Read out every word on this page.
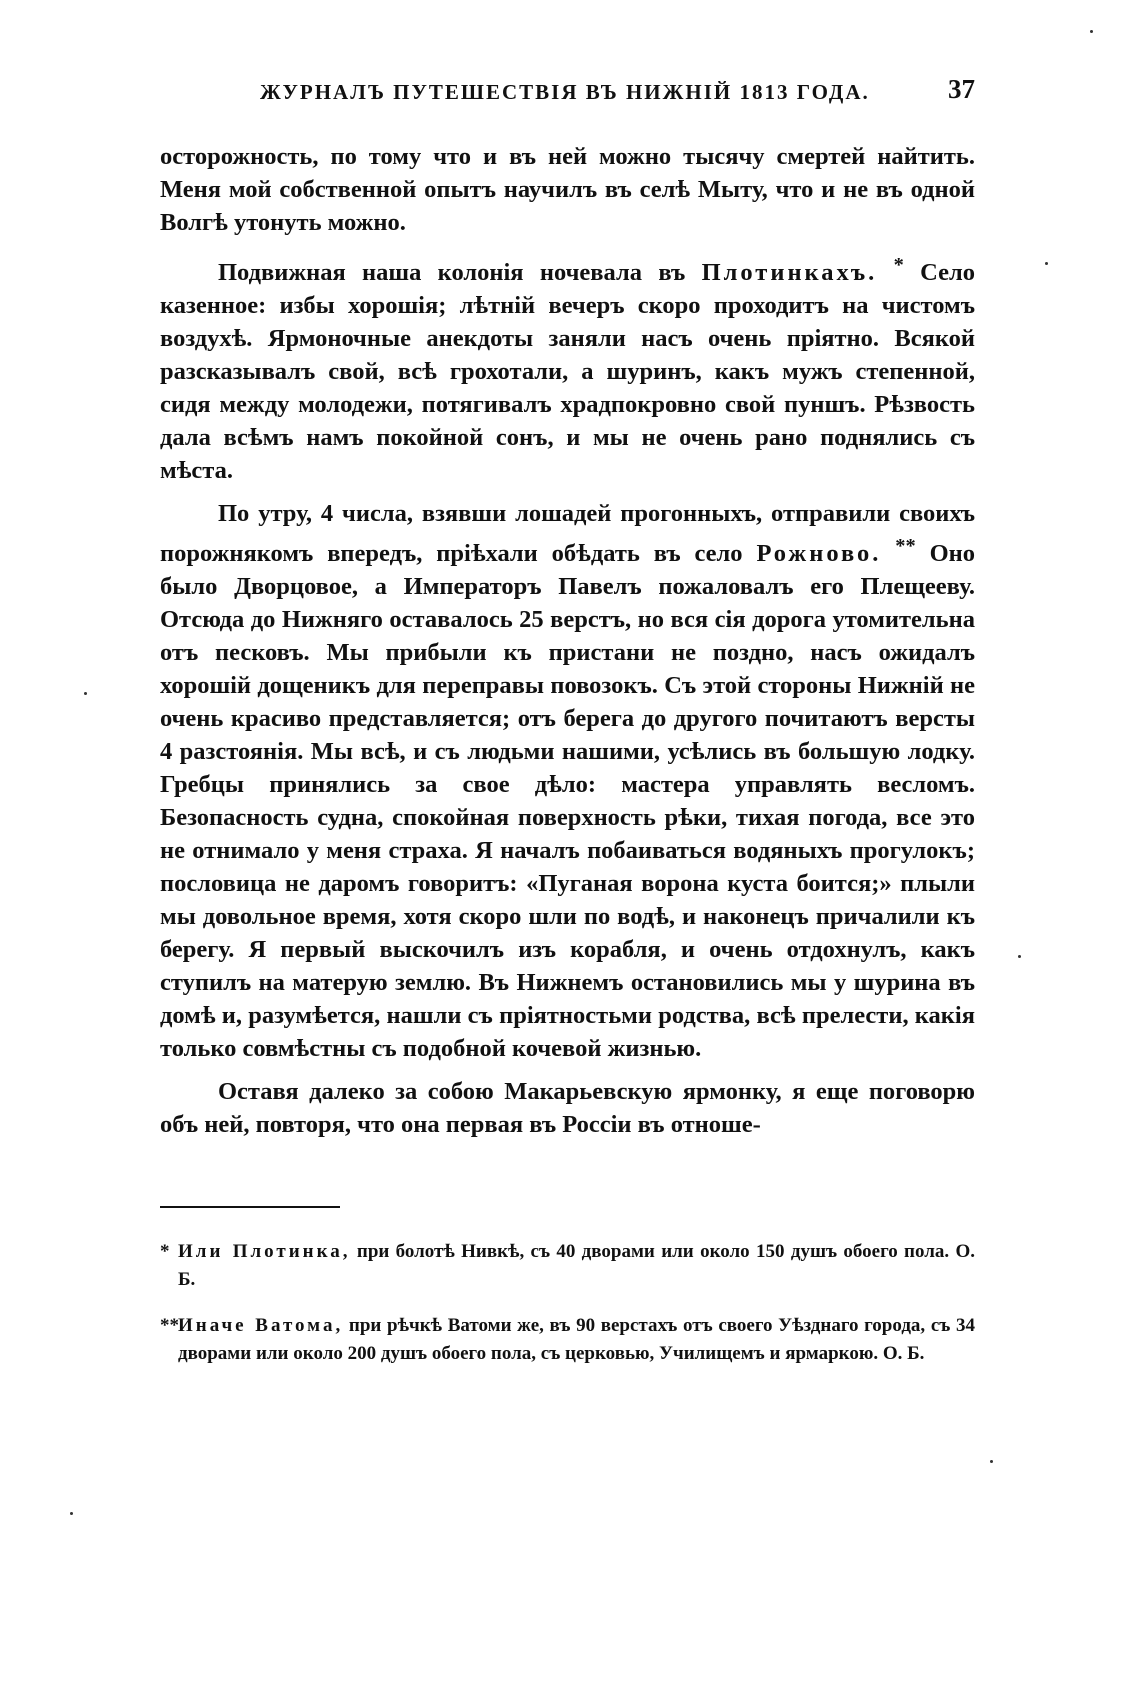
ЖУРНАЛЪ ПУТЕШЕСТВІЯ ВЪ НИЖНІЙ 1813 ГОДА.	37

осторожность, по тому что и въ ней можно тысячу смертей найтить. Меня мой собственной опытъ научилъ въ селѣ Мыту, что и не въ одной Волгѣ утонуть можно.

Подвижная наша колонія ночевала въ Плотинкахъ. * Село казенное: избы хорошія; лѣтній вечеръ скоро проходитъ на чистомъ воздухѣ. Ярмоночные анекдоты заняли насъ очень пріятно. Всякой разсказывалъ свой, всѣ грохотали, а шуринъ, какъ мужъ степенной, сидя между молодежи, потягивалъ храдпокровно свой пуншъ. Рѣзвость дала всѣмъ намъ покойной сонъ, и мы не очень рано поднялись съ мѣста.

По утру, 4 числа, взявши лошадей прогонныхъ, отправили своихъ порожнякомъ впередъ, пріѣхали обѣдать въ село Рожново. ** Оно было Дворцовое, а Императоръ Павелъ пожаловалъ его Плещееву. Отсюда до Нижняго оставалось 25 верстъ, но вся сія дорога утомительна отъ песковъ. Мы прибыли къ пристани не поздно, насъ ожидалъ хорошій дощеникъ для переправы повозокъ. Съ этой стороны Нижній не очень красиво представляется; отъ берега до другого почитаютъ версты 4 разстоянія. Мы всѣ, и съ людьми нашими, усѣлись въ большую лодку. Гребцы принялись за свое дѣло: мастера управлять весломъ. Безопасность судна, спокойная поверхность рѣки, тихая погода, все это не отнимало у меня страха. Я началъ побаиваться водяныхъ прогулокъ; пословица не даромъ говоритъ: «Пуганая ворона куста боится;» плыли мы довольное время, хотя скоро шли по водѣ, и наконецъ причалили къ берегу. Я первый выскочилъ изъ корабля, и очень отдохнулъ, какъ ступилъ на матерую землю. Въ Нижнемъ остановились мы у шурина въ домѣ и, разумѣется, нашли съ пріятностьми родства, всѣ прелести, какія только совмѣстны съ подобной кочевой жизнью.

Оставя далеко за собою Макарьевскую ярмонку, я еще поговорю объ ней, повторя, что она первая въ Россіи въ отноше-

* Или Плотинка, при болотѣ Нивкѣ, съ 40 дворами или около 150 душъ обоего пола. О. Б.

**Иначе Ватома, при рѣчкѣ Ватоми же, въ 90 верстахъ отъ своего Уѣзднаго города, съ 34 дворами или около 200 душъ обоего пола, съ церковью, Училищемъ и ярмаркою. О. Б.
